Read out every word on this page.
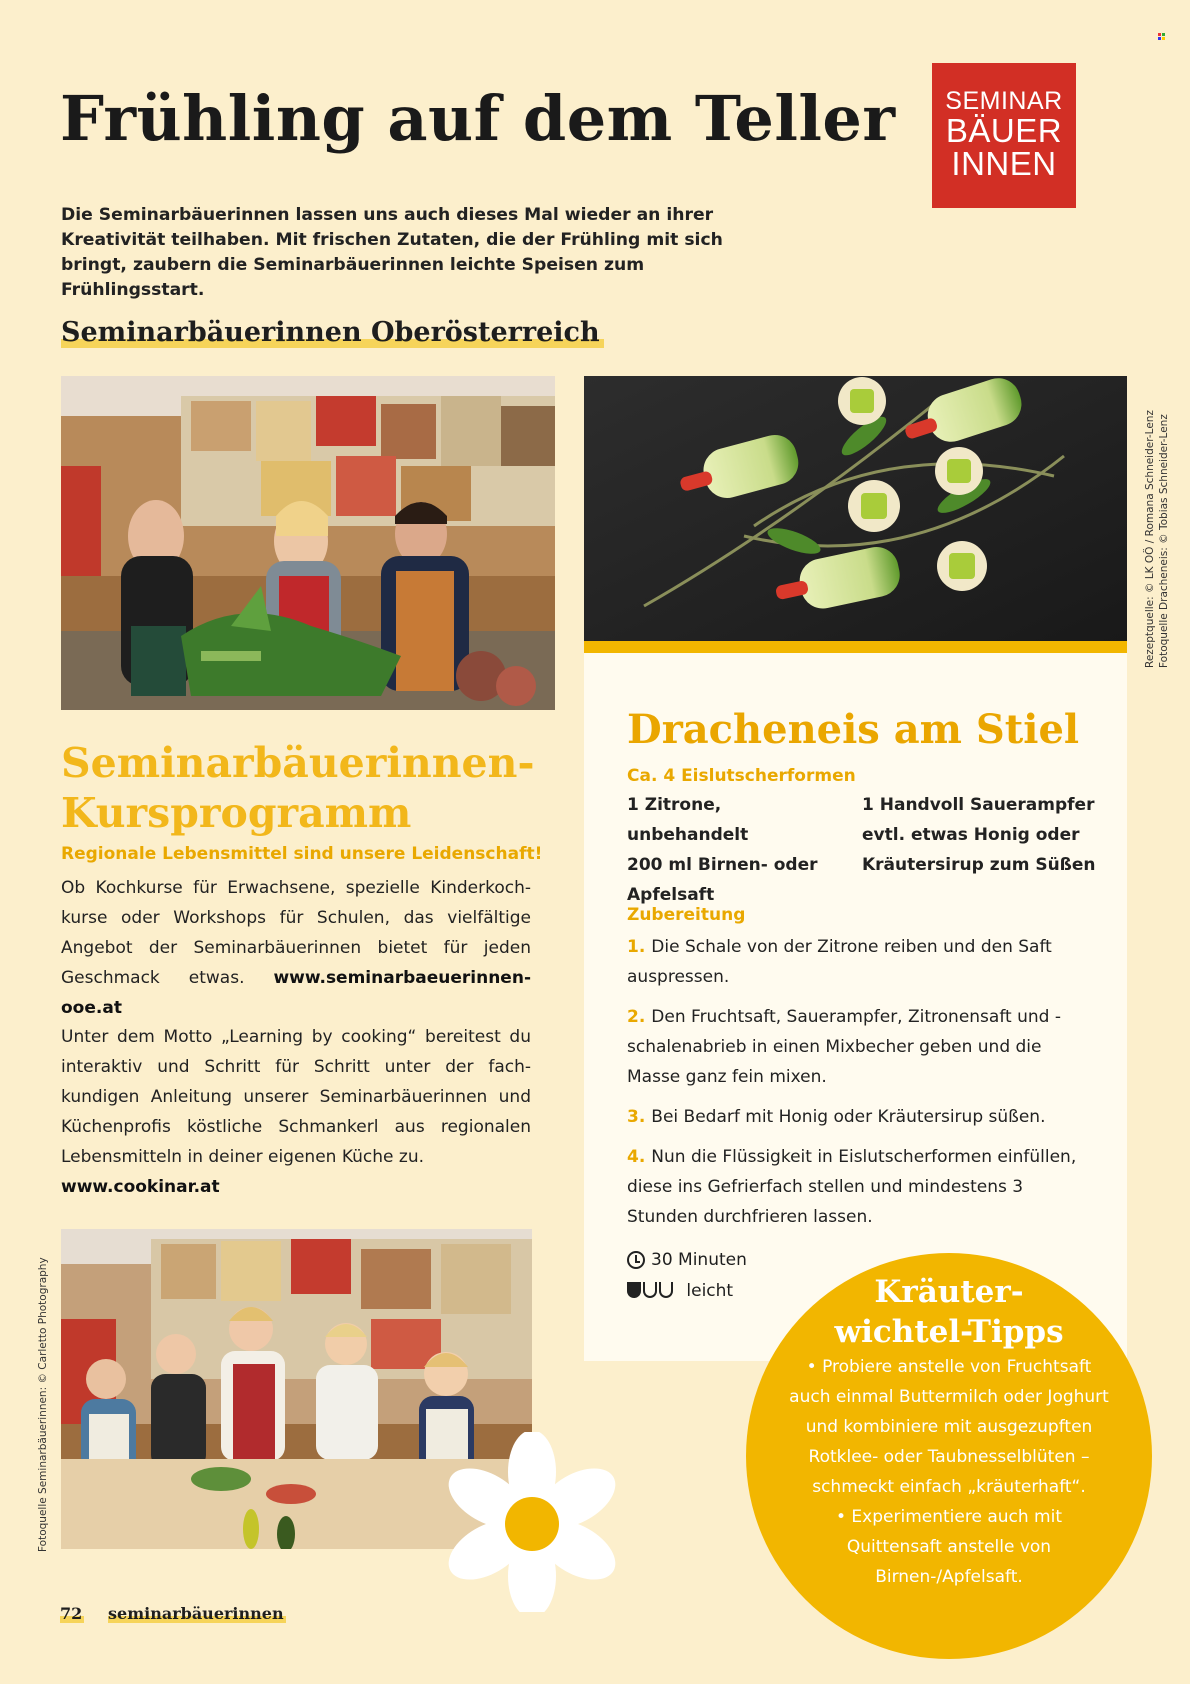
Frühling auf dem Teller	SEMINAR
BÄUER
INNEN
Die Seminarbäuerinnen lassen uns auch dieses Mal wieder an ihrer Kreativität teilhaben. Mit frischen Zutaten, die der Frühling mit sich bringt, zaubern die Seminarbäuerinnen leichte Speisen zum Frühlingsstart.
Seminarbäuerinnen Oberösterreich
Rezeptquelle: © LK OÖ / Romana Schneider-Lenz Fotoquelle Dracheneis: © Tobias Schneider-Lenz
Fotoquelle Seminarbäuerinnen: © Carletto Photography
Seminarbäuerinnen-
Kursprogramm
Regionale Lebensmittel sind unsere Leidenschaft!
Ob Kochkurse für Erwachsene, spezielle Kinderkochkurse oder Workshops für Schulen, das vielfältige Angebot der Seminarbäuerinnen bietet für jeden Geschmack etwas. www.seminarbaeuerinnen-ooe.at
Unter dem Motto „Learning by cooking“ bereitest du interaktiv und Schritt für Schritt unter der fachkundigen Anleitung unserer Seminarbäuerinnen und Küchenprofis köstliche Schmankerl aus regionalen Lebensmitteln in deiner eigenen Küche zu.
www.cookinar.at
Dracheneis am Stiel
Ca. 4 Eislutscherformen
1 Zitrone, unbehandelt
200 ml Birnen- oder Apfelsaft
1 Handvoll Sauerampfer
evtl. etwas Honig oder Kräutersirup zum Süßen
Zubereitung
1. Die Schale von der Zitrone reiben und den Saft auspressen.
2. Den Fruchtsaft, Sauerampfer, Zitronensaft und -schalenabrieb in einen Mixbecher geben und die Masse ganz fein mixen.
3. Bei Bedarf mit Honig oder Kräutersirup süßen.
4. Nun die Flüssigkeit in Eislutscherformen einfüllen, diese ins Gefrierfach stellen und mindestens 3 Stunden durchfrieren lassen.
30 Minuten
leicht	Kräuter-
wichtel-Tipps
• Probiere anstelle von Fruchtsaft auch einmal Buttermilch oder Joghurt und kombiniere mit ausgezupften Rotklee- oder Taubnesselblüten – schmeckt einfach „kräuterhaft“.
• Experimentiere auch mit Quittensaft anstelle von Birnen-/Apfelsaft.
72 seminarbäuerinnen
